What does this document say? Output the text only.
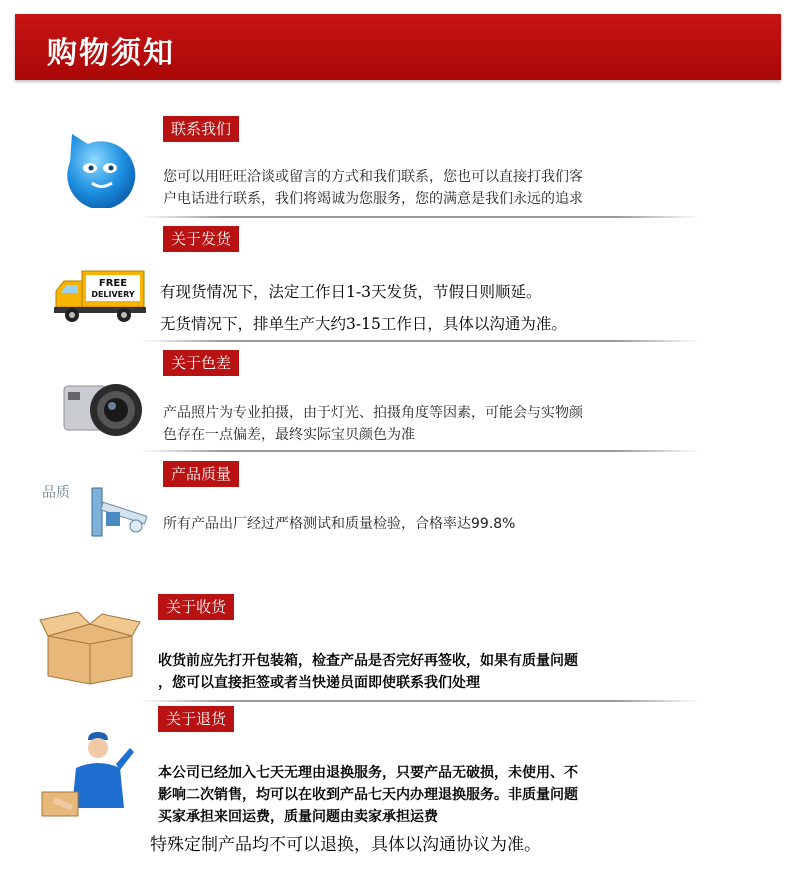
购物须知
联系我们
您可以用旺旺洽谈或留言的方式和我们联系，您也可以直接打我们客
户电话进行联系，我们将竭诚为您服务，您的满意是我们永远的追求
FREE
DELIVERY
关于发货
有现货情况下，法定工作日1-3天发货，节假日则顺延。
无货情况下，排单生产大约3-15工作日，具体以沟通为准。
关于色差
产品照片为专业拍摄，由于灯光、拍摄角度等因素，可能会与实物颜
色存在一点偏差，最终实际宝贝颜色为准
品质
产品质量
所有产品出厂经过严格测试和质量检验，合格率达99.8%
关于收货
收货前应先打开包装箱，检查产品是否完好再签收，如果有质量问题
，您可以直接拒签或者当快递员面即使联系我们处理
关于退货
本公司已经加入七天无理由退换服务，只要产品无破损，未使用、不
影响二次销售，均可以在收到产品七天内办理退换服务。非质量问题
买家承担来回运费，质量问题由卖家承担运费
特殊定制产品均不可以退换，具体以沟通协议为准。
